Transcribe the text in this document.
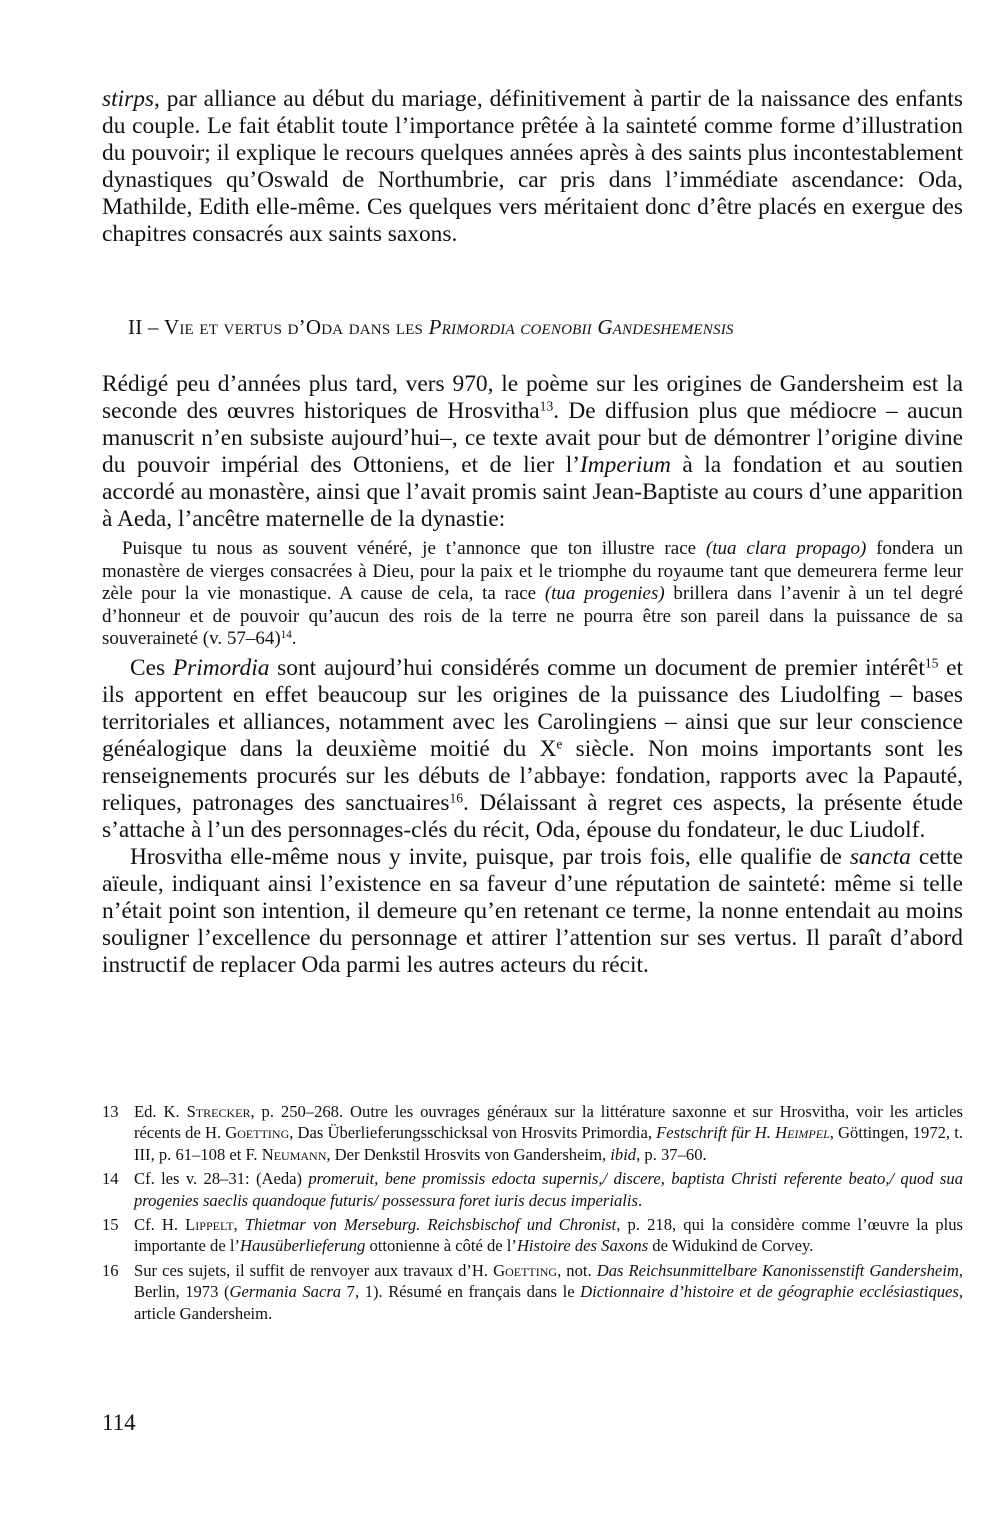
stirps, par alliance au début du mariage, définitivement à partir de la naissance des enfants du couple. Le fait établit toute l’importance prêtée à la sainteté comme forme d’illustration du pouvoir; il explique le recours quelques années après à des saints plus incontestablement dynastiques qu’Oswald de Northumbrie, car pris dans l’immédiate ascendance: Oda, Mathilde, Edith elle-même. Ces quelques vers méritaient donc d’être placés en exergue des chapitres consacrés aux saints saxons.

II – Vie et vertus d’Oda dans les Primordia coenobii Gandeshemensis

Rédigé peu d’années plus tard, vers 970, le poème sur les origines de Gandersheim est la seconde des œuvres historiques de Hrosvitha$^{13}$. De diffusion plus que médiocre – aucun manuscrit n’en subsiste aujourd’hui–, ce texte avait pour but de démontrer l’origine divine du pouvoir impérial des Ottoniens, et de lier l’Imperium à la fondation et au soutien accordé au monastère, ainsi que l’avait promis saint Jean-Baptiste au cours d’une apparition à Aeda, l’ancêtre maternelle de la dynastie:

Puisque tu nous as souvent vénéré, je t’annonce que ton illustre race (tua clara propago) fondera un monastère de vierges consacrées à Dieu, pour la paix et le triomphe du royaume tant que demeurera ferme leur zèle pour la vie monastique. A cause de cela, ta race (tua progenies) brillera dans l’avenir à un tel degré d’honneur et de pouvoir qu’aucun des rois de la terre ne pourra être son pareil dans la puissance de sa souveraineté (v. 57–64)$^{14}$.

Ces Primordia sont aujourd’hui considérés comme un document de premier intérêt$^{15}$ et ils apportent en effet beaucoup sur les origines de la puissance des Liudolfing – bases territoriales et alliances, notamment avec les Carolingiens – ainsi que sur leur conscience généalogique dans la deuxième moitié du Xe siècle. Non moins importants sont les renseignements procurés sur les débuts de l’abbaye: fondation, rapports avec la Papauté, reliques, patronages des sanctuaires$^{16}$. Délaissant à regret ces aspects, la présente étude s’attache à l’un des personnages-clés du récit, Oda, épouse du fondateur, le duc Liudolf.

Hrosvitha elle-même nous y invite, puisque, par trois fois, elle qualifie de sancta cette aïeule, indiquant ainsi l’existence en sa faveur d’une réputation de sainteté: même si telle n’était point son intention, il demeure qu’en retenant ce terme, la nonne entendait au moins souligner l’excellence du personnage et attirer l’attention sur ses vertus. Il paraît d’abord instructif de replacer Oda parmi les autres acteurs du récit.

13 Ed. K. Strecker, p. 250–268. Outre les ouvrages généraux sur la littérature saxonne et sur Hrosvitha, voir les articles récents de H. Goetting, Das Überlieferungsschicksal von Hrosvits Primordia, Festschrift für H. Heimpel, Göttingen, 1972, t. III, p. 61–108 et F. Neumann, Der Denkstil Hrosvits von Gandersheim, ibid, p. 37–60.
14 Cf. les v. 28–31: (Aeda) promeruit, bene promissis edocta supernis,/ discere, baptista Christi referente beato,/ quod sua progenies saeclis quandoque futuris/ possessura foret iuris decus imperialis.
15 Cf. H. Lippelt, Thietmar von Merseburg. Reichsbischof und Chronist, p. 218, qui la considère comme l’œuvre la plus importante de l’Hausüberlieferung ottonienne à côté de l’Histoire des Saxons de Widukind de Corvey.
16 Sur ces sujets, il suffit de renvoyer aux travaux d’H. Goetting, not. Das Reichsunmittelbare Kanonissenstift Gandersheim, Berlin, 1973 (Germania Sacra 7, 1). Résumé en français dans le Dictionnaire d’histoire et de géographie ecclésiastiques, article Gandersheim.
114
